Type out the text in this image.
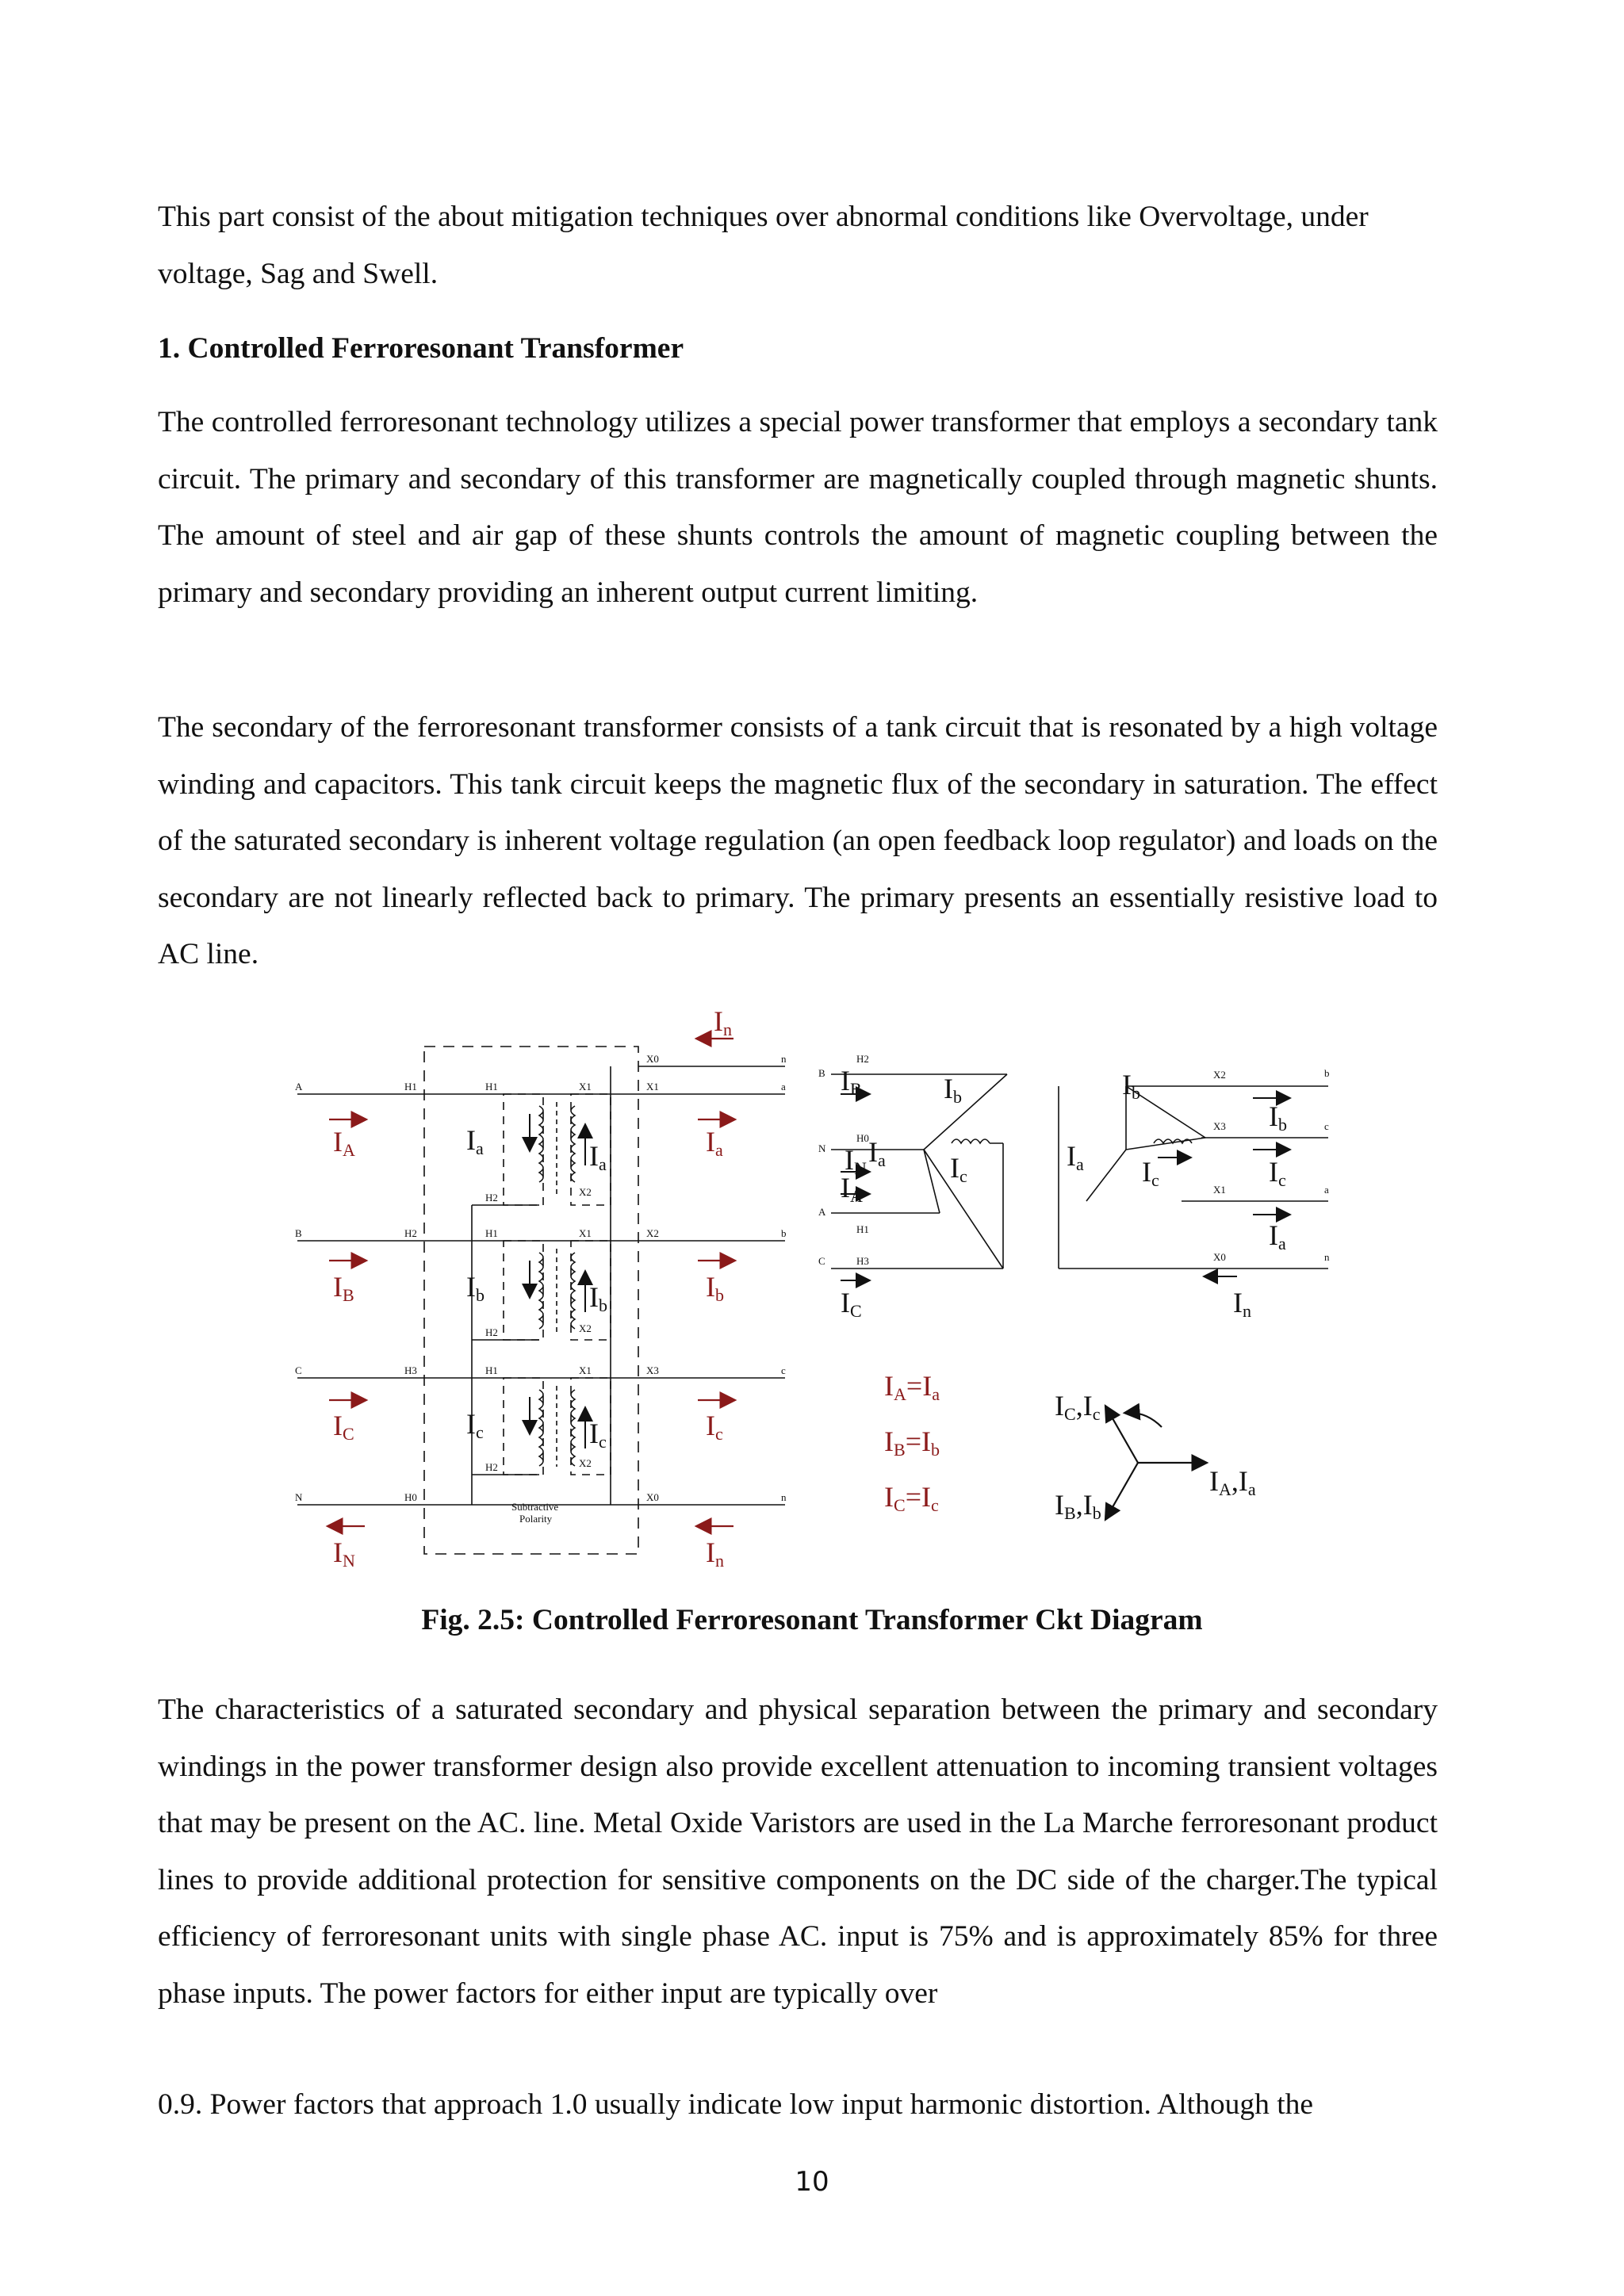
This part consist of the about mitigation techniques over abnormal conditions like Overvoltage, under voltage, Sag and Swell.
1. Controlled Ferroresonant Transformer
The controlled ferroresonant technology utilizes a special power transformer that employs a secondary tank circuit. The primary and secondary of this transformer are magnetically coupled through magnetic shunts. The amount of steel and air gap of these shunts controls the amount of magnetic coupling between the primary and secondary providing an inherent output current limiting.
The secondary of the ferroresonant transformer consists of a tank circuit that is resonated by a high voltage winding and capacitors. This tank circuit keeps the magnetic flux of the secondary in saturation. The effect of the saturated secondary is inherent voltage regulation (an open feedback loop regulator) and loads on the secondary are not linearly reflected back to primary. The primary presents an essentially resistive load to AC line.
A
B
C
N
a
b
c
n
n
H1
H2
H3
H0
H1
H1
H1
H2
H2
H2
X1
X1
X1
X2
X2
X2
X0
X1
X2
X3
X0
Subtractive
Polarity
IA
IB
IC
IN
Ia
Ib
Ic
In
In
Ia	Ia
Ib	Ib
Ic	Ic
H2
H0
H1
H3
B
N
A
C
IB
IN
IA
IC
Ib
Ia Ic
X2
X3
X1
X0
b
c
a
n
Ib
Ic
Ia
In
Ib
Ia Ic
IA=Ia
IB=Ib
IC=Ic
IC,Ic
IB,Ib
IA,Ia
Fig. 2.5: Controlled Ferroresonant Transformer Ckt Diagram
The characteristics of a saturated secondary and physical separation between the primary and secondary windings in the power transformer design also provide excellent attenuation to incoming transient voltages that may be present on the AC. line. Metal Oxide Varistors are used in the La Marche ferroresonant product lines to provide additional protection for sensitive components on the DC side of the charger.The typical efficiency of ferroresonant units with single phase AC. input is 75% and is approximately 85% for three phase inputs. The power factors for either input are typically over
0.9. Power factors that approach 1.0 usually indicate low input harmonic distortion. Although the
10
